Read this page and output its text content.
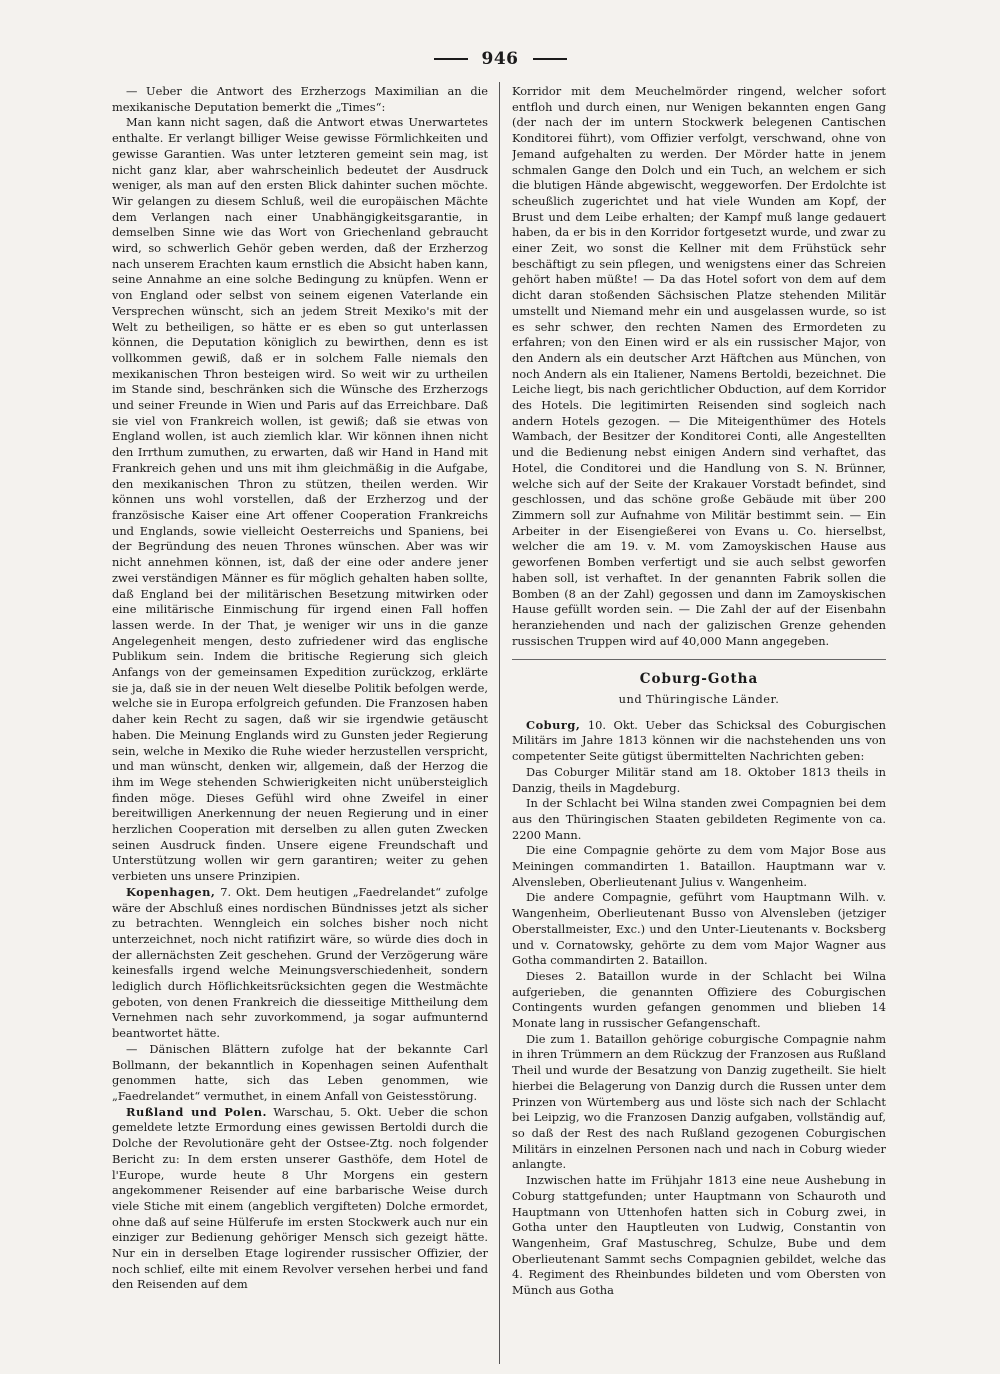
946

— Ueber die Antwort des Erzherzogs Maximilian an die mexikanische Deputation bemerkt die „Times“:

Man kann nicht sagen, daß die Antwort etwas Unerwartetes enthalte. Er verlangt billiger Weise gewisse Förmlichkeiten und gewisse Garantien. Was unter letzteren gemeint sein mag, ist nicht ganz klar, aber wahrscheinlich bedeutet der Ausdruck weniger, als man auf den ersten Blick dahinter suchen möchte. Wir gelangen zu diesem Schluß, weil die europäischen Mächte dem Verlangen nach einer Unabhängigkeitsgarantie, in demselben Sinne wie das Wort von Griechenland gebraucht wird, so schwerlich Gehör geben werden, daß der Erzherzog nach unserem Erachten kaum ernstlich die Absicht haben kann, seine Annahme an eine solche Bedingung zu knüpfen. Wenn er von England oder selbst von seinem eigenen Vaterlande ein Versprechen wünscht, sich an jedem Streit Mexiko's mit der Welt zu betheiligen, so hätte er es eben so gut unterlassen können, die Deputation königlich zu bewirthen, denn es ist vollkommen gewiß, daß er in solchem Falle niemals den mexikanischen Thron besteigen wird. So weit wir zu urtheilen im Stande sind, beschränken sich die Wünsche des Erzherzogs und seiner Freunde in Wien und Paris auf das Erreichbare. Daß sie viel von Frankreich wollen, ist gewiß; daß sie etwas von England wollen, ist auch ziemlich klar. Wir können ihnen nicht den Irrthum zumuthen, zu erwarten, daß wir Hand in Hand mit Frankreich gehen und uns mit ihm gleichmäßig in die Aufgabe, den mexikanischen Thron zu stützen, theilen werden. Wir können uns wohl vorstellen, daß der Erzherzog und der französische Kaiser eine Art offener Cooperation Frankreichs und Englands, sowie vielleicht Oesterreichs und Spaniens, bei der Begründung des neuen Thrones wünschen. Aber was wir nicht annehmen können, ist, daß der eine oder andere jener zwei verständigen Männer es für möglich gehalten haben sollte, daß England bei der militärischen Besetzung mitwirken oder eine militärische Einmischung für irgend einen Fall hoffen lassen werde. In der That, je weniger wir uns in die ganze Angelegenheit mengen, desto zufriedener wird das englische Publikum sein. Indem die britische Regierung sich gleich Anfangs von der gemeinsamen Expedition zurückzog, erklärte sie ja, daß sie in der neuen Welt dieselbe Politik befolgen werde, welche sie in Europa erfolgreich gefunden. Die Franzosen haben daher kein Recht zu sagen, daß wir sie irgendwie getäuscht haben. Die Meinung Englands wird zu Gunsten jeder Regierung sein, welche in Mexiko die Ruhe wieder herzustellen verspricht, und man wünscht, denken wir, allgemein, daß der Herzog die ihm im Wege stehenden Schwierigkeiten nicht unübersteiglich finden möge. Dieses Gefühl wird ohne Zweifel in einer bereitwilligen Anerkennung der neuen Regierung und in einer herzlichen Cooperation mit derselben zu allen guten Zwecken seinen Ausdruck finden. Unsere eigene Freundschaft und Unterstützung wollen wir gern garantiren; weiter zu gehen verbieten uns unsere Prinzipien.

Kopenhagen, 7. Okt. Dem heutigen „Faedrelandet“ zufolge wäre der Abschluß eines nordischen Bündnisses jetzt als sicher zu betrachten. Wenngleich ein solches bisher noch nicht unterzeichnet, noch nicht ratifizirt wäre, so würde dies doch in der allernächsten Zeit geschehen. Grund der Verzögerung wäre keinesfalls irgend welche Meinungsverschiedenheit, sondern lediglich durch Höflichkeitsrücksichten gegen die Westmächte geboten, von denen Frankreich die diesseitige Mittheilung dem Vernehmen nach sehr zuvorkommend, ja sogar aufmunternd beantwortet hätte.

— Dänischen Blättern zufolge hat der bekannte Carl Bollmann, der bekanntlich in Kopenhagen seinen Aufenthalt genommen hatte, sich das Leben genommen, wie „Faedrelandet“ vermuthet, in einem Anfall von Geistesstörung.

Rußland und Polen. Warschau, 5. Okt. Ueber die schon gemeldete letzte Ermordung eines gewissen Bertoldi durch die Dolche der Revolutionäre geht der Ostsee-Ztg. noch folgender Bericht zu: In dem ersten unserer Gasthöfe, dem Hotel de l'Europe, wurde heute 8 Uhr Morgens ein gestern angekommener Reisender auf eine barbarische Weise durch viele Stiche mit einem (angeblich vergifteten) Dolche ermordet, ohne daß auf seine Hülferufe im ersten Stockwerk auch nur ein einziger zur Bedienung gehöriger Mensch sich gezeigt hätte. Nur ein in derselben Etage logirender russischer Offizier, der noch schlief, eilte mit einem Revolver versehen herbei und fand den Reisenden auf dem

Korridor mit dem Meuchelmörder ringend, welcher sofort entfloh und durch einen, nur Wenigen bekannten engen Gang (der nach der im untern Stockwerk belegenen Cantischen Konditorei führt), vom Offizier verfolgt, verschwand, ohne von Jemand aufgehalten zu werden. Der Mörder hatte in jenem schmalen Gange den Dolch und ein Tuch, an welchem er sich die blutigen Hände abgewischt, weggeworfen. Der Erdolchte ist scheußlich zugerichtet und hat viele Wunden am Kopf, der Brust und dem Leibe erhalten; der Kampf muß lange gedauert haben, da er bis in den Korridor fortgesetzt wurde, und zwar zu einer Zeit, wo sonst die Kellner mit dem Frühstück sehr beschäftigt zu sein pflegen, und wenigstens einer das Schreien gehört haben müßte! — Da das Hotel sofort von dem auf dem dicht daran stoßenden Sächsischen Platze stehenden Militär umstellt und Niemand mehr ein und ausgelassen wurde, so ist es sehr schwer, den rechten Namen des Ermordeten zu erfahren; von den Einen wird er als ein russischer Major, von den Andern als ein deutscher Arzt Häftchen aus München, von noch Andern als ein Italiener, Namens Bertoldi, bezeichnet. Die Leiche liegt, bis nach gerichtlicher Obduction, auf dem Korridor des Hotels. Die legitimirten Reisenden sind sogleich nach andern Hotels gezogen. — Die Miteigenthümer des Hotels Wambach, der Besitzer der Konditorei Conti, alle Angestellten und die Bedienung nebst einigen Andern sind verhaftet, das Hotel, die Conditorei und die Handlung von S. N. Brünner, welche sich auf der Seite der Krakauer Vorstadt befindet, sind geschlossen, und das schöne große Gebäude mit über 200 Zimmern soll zur Aufnahme von Militär bestimmt sein. — Ein Arbeiter in der Eisengießerei von Evans u. Co. hierselbst, welcher die am 19. v. M. vom Zamoyskischen Hause aus geworfenen Bomben verfertigt und sie auch selbst geworfen haben soll, ist verhaftet. In der genannten Fabrik sollen die Bomben (8 an der Zahl) gegossen und dann im Zamoyskischen Hause gefüllt worden sein. — Die Zahl der auf der Eisenbahn heranziehenden und nach der galizischen Grenze gehenden russischen Truppen wird auf 40,000 Mann angegeben.

Coburg-Gotha

und Thüringische Länder.

Coburg, 10. Okt. Ueber das Schicksal des Coburgischen Militärs im Jahre 1813 können wir die nachstehenden uns von competenter Seite gütigst übermittelten Nachrichten geben:

Das Coburger Militär stand am 18. Oktober 1813 theils in Danzig, theils in Magdeburg.

In der Schlacht bei Wilna standen zwei Compagnien bei dem aus den Thüringischen Staaten gebildeten Regimente von ca. 2200 Mann.

Die eine Compagnie gehörte zu dem vom Major Bose aus Meiningen commandirten 1. Bataillon. Hauptmann war v. Alvensleben, Oberlieutenant Julius v. Wangenheim.

Die andere Compagnie, geführt vom Hauptmann Wilh. v. Wangenheim, Oberlieutenant Busso von Alvensleben (jetziger Oberstallmeister, Exc.) und den Unter-Lieutenants v. Bocksberg und v. Cornatowsky, gehörte zu dem vom Major Wagner aus Gotha commandirten 2. Bataillon.

Dieses 2. Bataillon wurde in der Schlacht bei Wilna aufgerieben, die genannten Offiziere des Coburgischen Contingents wurden gefangen genommen und blieben 14 Monate lang in russischer Gefangenschaft.

Die zum 1. Bataillon gehörige coburgische Compagnie nahm in ihren Trümmern an dem Rückzug der Franzosen aus Rußland Theil und wurde der Besatzung von Danzig zugetheilt. Sie hielt hierbei die Belagerung von Danzig durch die Russen unter dem Prinzen von Würtemberg aus und löste sich nach der Schlacht bei Leipzig, wo die Franzosen Danzig aufgaben, vollständig auf, so daß der Rest des nach Rußland gezogenen Coburgischen Militärs in einzelnen Personen nach und nach in Coburg wieder anlangte.

Inzwischen hatte im Frühjahr 1813 eine neue Aushebung in Coburg stattgefunden; unter Hauptmann von Schauroth und Hauptmann von Uttenhofen hatten sich in Coburg zwei, in Gotha unter den Hauptleuten von Ludwig, Constantin von Wangenheim, Graf Mastuschreg, Schulze, Bube und dem Oberlieutenant Sammt sechs Compagnien gebildet, welche das 4. Regiment des Rheinbundes bildeten und vom Obersten von Münch aus Gotha
